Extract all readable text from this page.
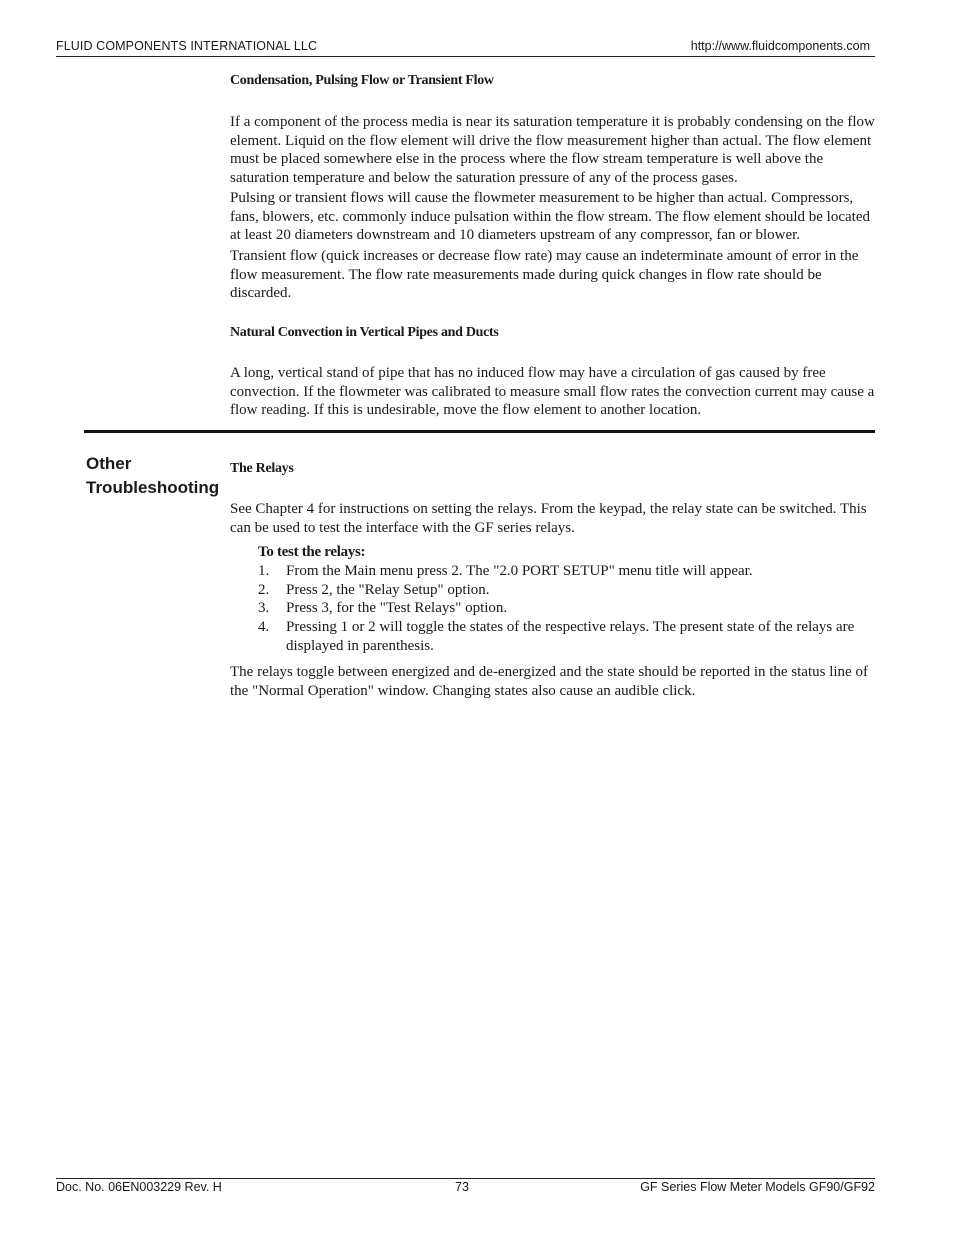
FLUID COMPONENTS INTERNATIONAL LLC	http://www.fluidcomponents.com
Condensation, Pulsing Flow or Transient Flow

If a component of the process media is near its saturation temperature it is probably condensing on the flow element. Liquid on the flow element will drive the flow measurement higher than actual. The flow element must be placed somewhere else in the process where the flow stream temperature is well above the saturation temperature and below the saturation pressure of any of the process gases.

Pulsing or transient flows will cause the flowmeter measurement to be higher than actual. Compressors, fans, blowers, etc. commonly induce pulsation within the flow stream. The flow element should be located at least 20 diameters downstream and 10 diameters upstream of any compressor, fan or blower.

Transient flow (quick increases or decrease flow rate) may cause an indeterminate amount of error in the flow measurement. The flow rate measurements made during quick changes in flow rate should be discarded.

Natural Convection in Vertical Pipes and Ducts

A long, vertical stand of pipe that has no induced flow may have a circulation of gas caused by free convection. If the flowmeter was calibrated to measure small flow rates the convection current may cause a flow reading. If this is undesirable, move the flow element to another location.

Other
Troubleshooting
The Relays

See Chapter 4 for instructions on setting the relays. From the keypad, the relay state can be switched. This can be used to test the interface with the GF series relays.

To test the relays:
1. From the Main menu press 2. The "2.0 PORT SETUP" menu title will appear.
2. Press 2, the "Relay Setup" option.
3. Press 3, for the "Test Relays" option.
4. Pressing 1 or 2 will toggle the states of the respective relays. The present state of the relays are displayed in parenthesis.

The relays toggle between energized and de-energized and the state should be reported in the status line of the "Normal Operation" window. Changing states also cause an audible click.

Doc. No. 06EN003229 Rev. H	73	GF Series Flow Meter Models GF90/GF92
